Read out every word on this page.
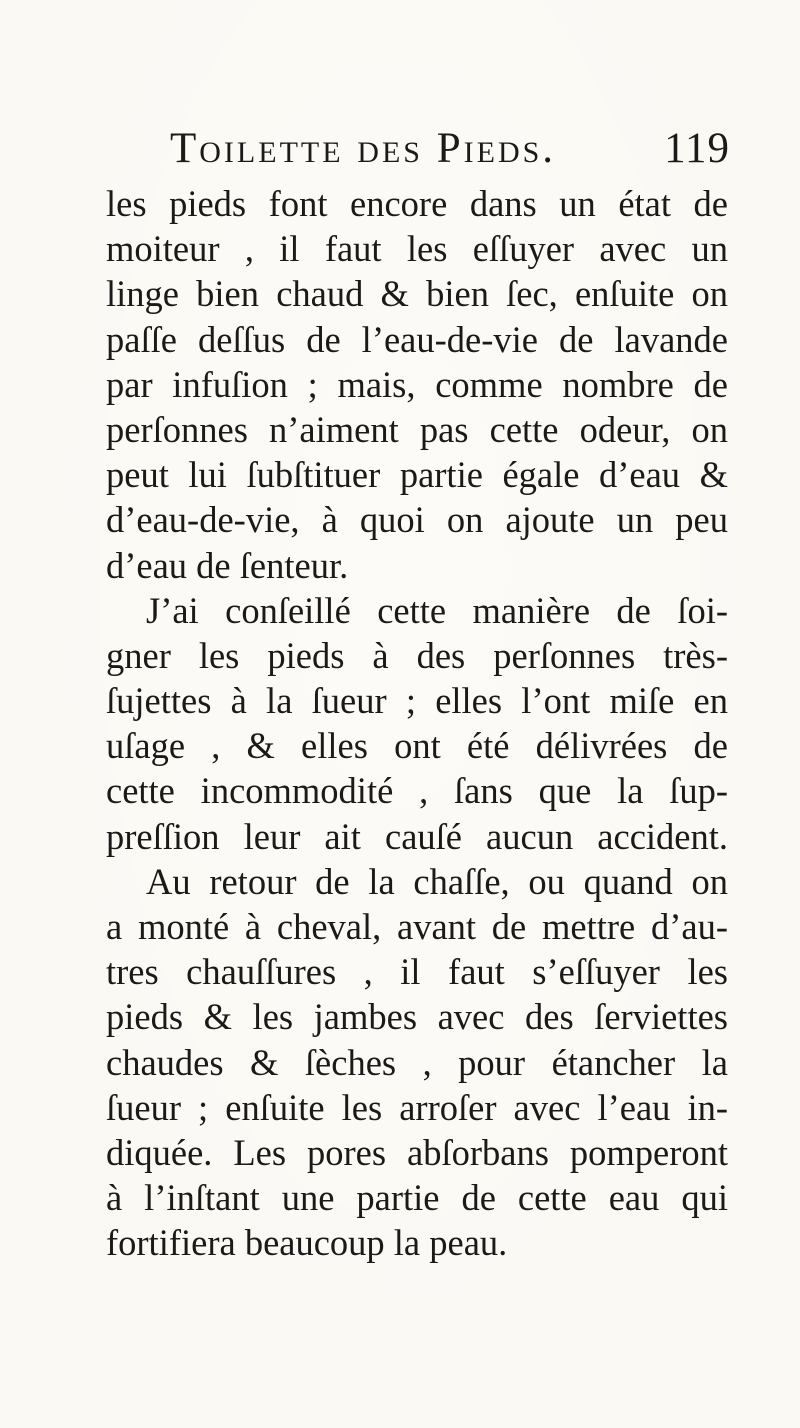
Toilette des Pieds.	119
les pieds font encore dans un état de
moiteur , il faut les eſſuyer avec un
linge bien chaud & bien ſec, enſuite on
paſſe deſſus de l’eau-de-vie de lavande
par infuſion ; mais, comme nombre de
perſonnes n’aiment pas cette odeur, on
peut lui ſubſtituer partie égale d’eau &
d’eau-de-vie, à quoi on ajoute un peu
d’eau de ſenteur.
J’ai conſeillé cette manière de ſoi-
gner les pieds à des perſonnes très-
ſujettes à la ſueur ; elles l’ont miſe en
uſage , & elles ont été délivrées de
cette incommodité , ſans que la ſup-
preſſion leur ait cauſé aucun accident.
Au retour de la chaſſe, ou quand on
a monté à cheval, avant de mettre d’au-
tres chauſſures , il faut s’eſſuyer les
pieds & les jambes avec des ſerviettes
chaudes & ſèches , pour étancher la
ſueur ; enſuite les arroſer avec l’eau in-
diquée. Les pores abſorbans pomperont
à l’inſtant une partie de cette eau qui
fortifiera beaucoup la peau.
